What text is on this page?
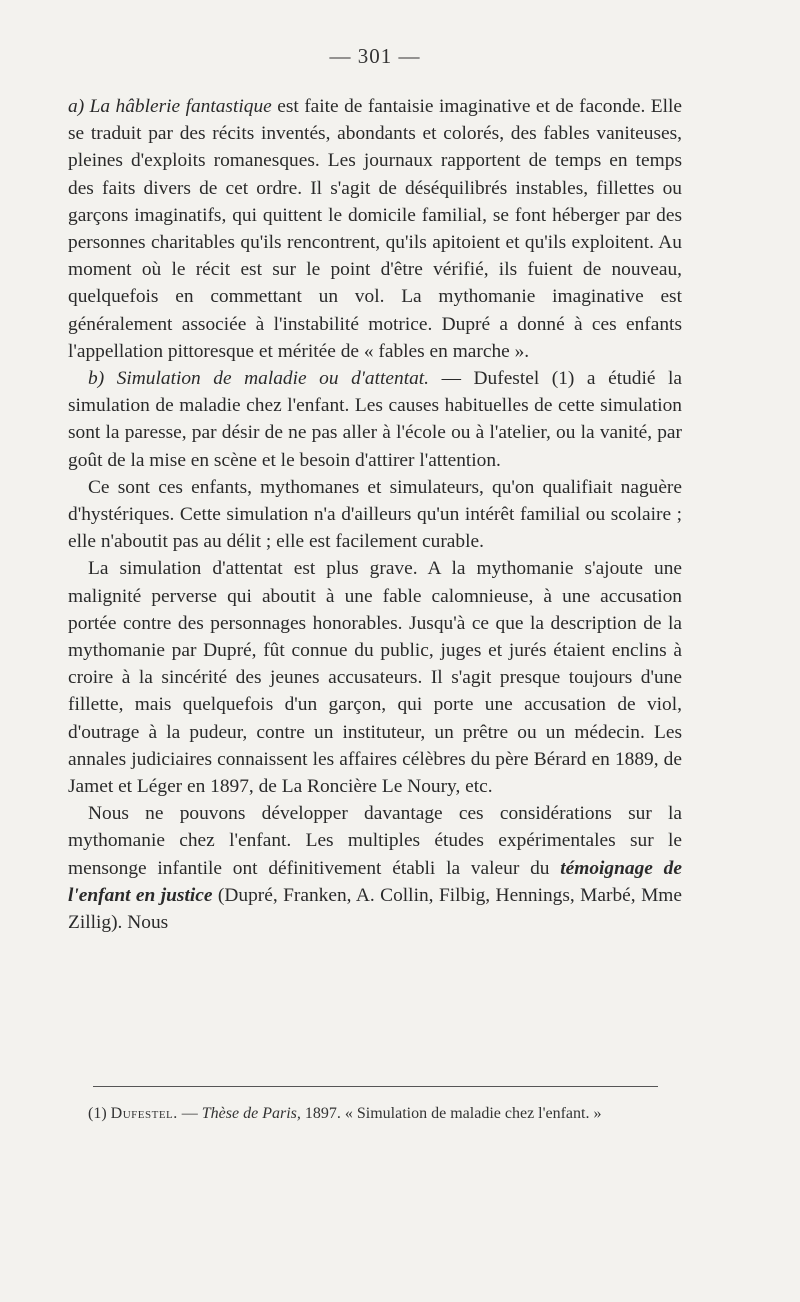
— 301 —

a) La hâblerie fantastique est faite de fantaisie imaginative et de faconde. Elle se traduit par des récits inventés, abondants et colorés, des fables vaniteuses, pleines d'exploits romanesques. Les journaux rapportent de temps en temps des faits divers de cet ordre. Il s'agit de déséquilibrés instables, fillettes ou garçons imaginatifs, qui quittent le domicile familial, se font héberger par des personnes charitables qu'ils rencontrent, qu'ils apitoient et qu'ils exploitent. Au moment où le récit est sur le point d'être vérifié, ils fuient de nouveau, quelquefois en commettant un vol. La mythomanie imaginative est généralement associée à l'instabilité motrice. Dupré a donné à ces enfants l'appellation pittoresque et méritée de « fables en marche ».

b) Simulation de maladie ou d'attentat. — Dufestel (1) a étudié la simulation de maladie chez l'enfant. Les causes habituelles de cette simulation sont la paresse, par désir de ne pas aller à l'école ou à l'atelier, ou la vanité, par goût de la mise en scène et le besoin d'attirer l'attention.

Ce sont ces enfants, mythomanes et simulateurs, qu'on qualifiait naguère d'hystériques. Cette simulation n'a d'ailleurs qu'un intérêt familial ou scolaire ; elle n'aboutit pas au délit ; elle est facilement curable.

La simulation d'attentat est plus grave. A la mythomanie s'ajoute une malignité perverse qui aboutit à une fable calomnieuse, à une accusation portée contre des personnages honorables. Jusqu'à ce que la description de la mythomanie par Dupré, fût connue du public, juges et jurés étaient enclins à croire à la sincérité des jeunes accusateurs. Il s'agit presque toujours d'une fillette, mais quelquefois d'un garçon, qui porte une accusation de viol, d'outrage à la pudeur, contre un instituteur, un prêtre ou un médecin. Les annales judiciaires connaissent les affaires célèbres du père Bérard en 1889, de Jamet et Léger en 1897, de La Roncière Le Noury, etc.

Nous ne pouvons développer davantage ces considérations sur la mythomanie chez l'enfant. Les multiples études expérimentales sur le mensonge infantile ont définitivement établi la valeur du témoignage de l'enfant en justice (Dupré, Franken, A. Collin, Filbig, Hennings, Marbé, Mme Zillig). Nous

(1) Dufestel. — Thèse de Paris, 1897. « Simulation de maladie chez l'enfant. »
